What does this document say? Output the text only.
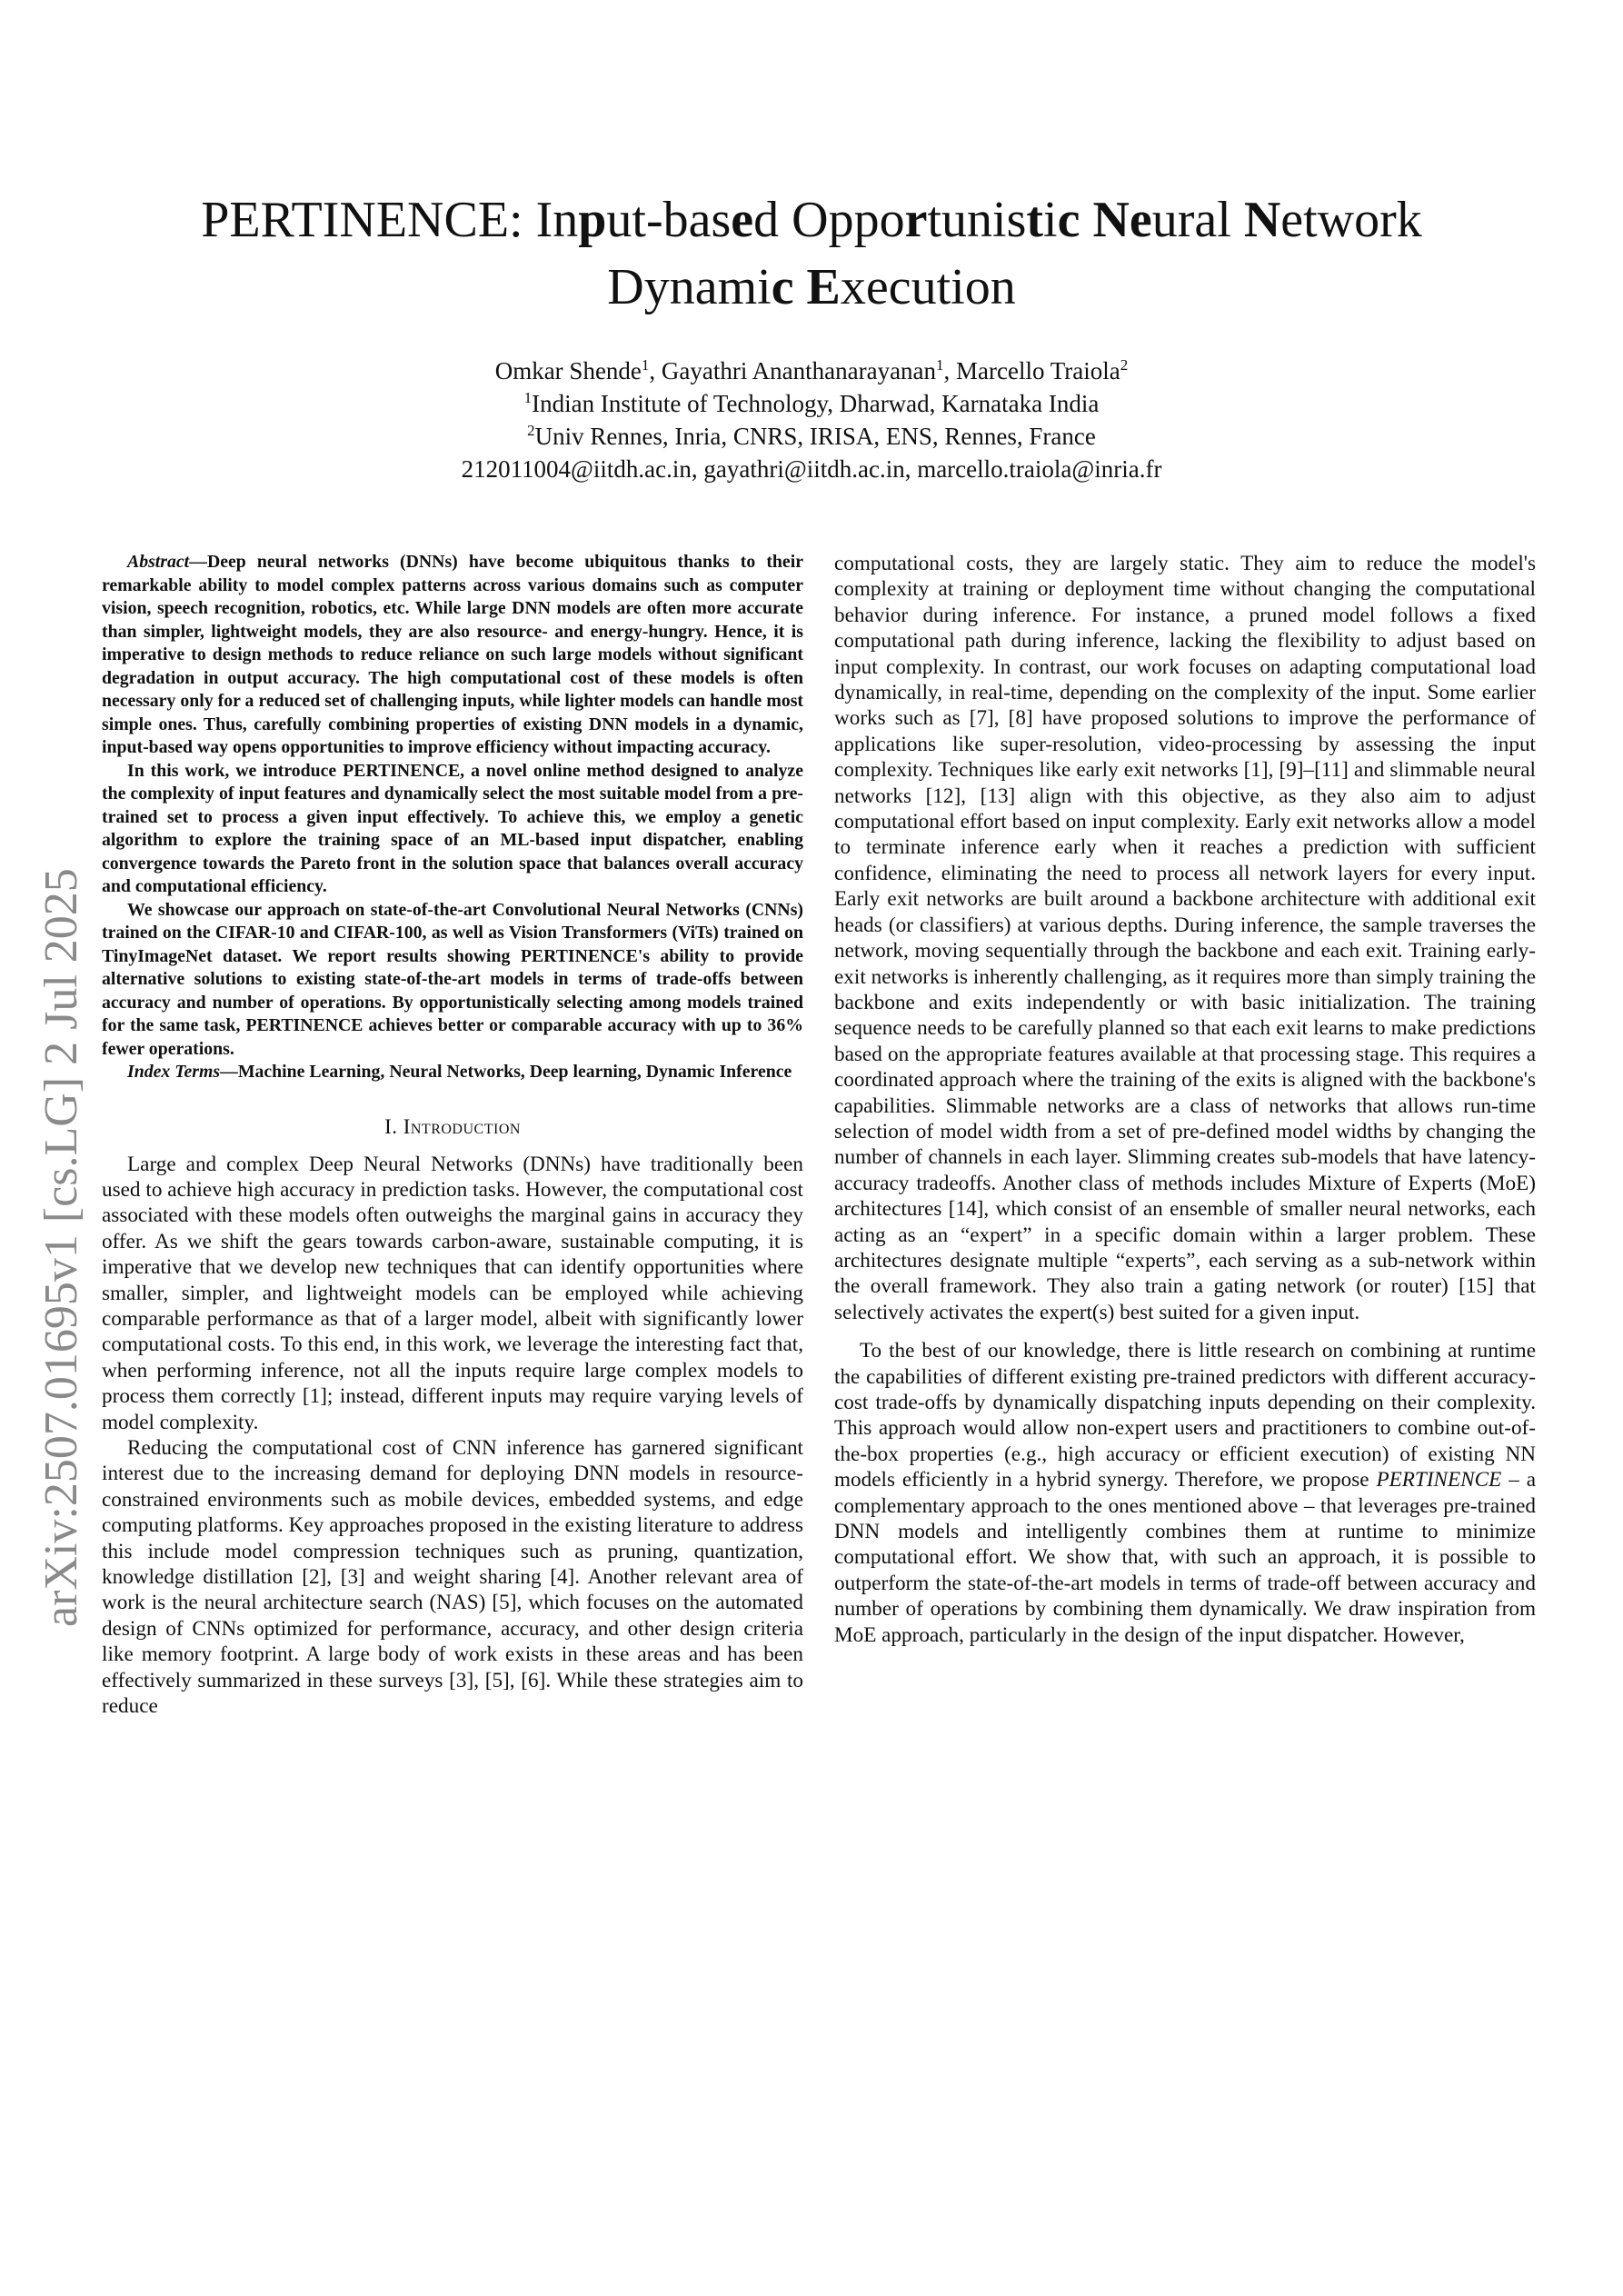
PERTINENCE: Input-based Opportunistic Neural Network
Dynamic Execution
Omkar Shende$^1$, Gayathri Ananthanarayanan$^1$, Marcello Traiola$^2$
$^1$Indian Institute of Technology, Dharwad, Karnataka India
$^2$Univ Rennes, Inria, CNRS, IRISA, ENS, Rennes, France
212011004@iitdh.ac.in, gayathri@iitdh.ac.in, marcello.traiola@inria.fr
arXiv:2507.01695v1 [cs.LG] 2 Jul 2025

Abstract—Deep neural networks (DNNs) have become ubiquitous thanks to their remarkable ability to model complex patterns across various domains such as computer vision, speech recognition, robotics, etc. While large DNN models are often more accurate than simpler, lightweight models, they are also resource- and energy-hungry. Hence, it is imperative to design methods to reduce reliance on such large models without significant degradation in output accuracy. The high computational cost of these models is often necessary only for a reduced set of challenging inputs, while lighter models can handle most simple ones. Thus, carefully combining properties of existing DNN models in a dynamic, input-based way opens opportunities to improve efficiency without impacting accuracy.

In this work, we introduce PERTINENCE, a novel online method designed to analyze the complexity of input features and dynamically select the most suitable model from a pre-trained set to process a given input effectively. To achieve this, we employ a genetic algorithm to explore the training space of an ML-based input dispatcher, enabling convergence towards the Pareto front in the solution space that balances overall accuracy and computational efficiency.

We showcase our approach on state-of-the-art Convolutional Neural Networks (CNNs) trained on the CIFAR-10 and CIFAR-100, as well as Vision Transformers (ViTs) trained on TinyImageNet dataset. We report results showing PERTINENCE's ability to provide alternative solutions to existing state-of-the-art models in terms of trade-offs between accuracy and number of operations. By opportunistically selecting among models trained for the same task, PERTINENCE achieves better or comparable accuracy with up to 36% fewer operations.

Index Terms—Machine Learning, Neural Networks, Deep learning, Dynamic Inference

I. Introduction

Large and complex Deep Neural Networks (DNNs) have traditionally been used to achieve high accuracy in prediction tasks. However, the computational cost associated with these models often outweighs the marginal gains in accuracy they offer. As we shift the gears towards carbon-aware, sustainable computing, it is imperative that we develop new techniques that can identify opportunities where smaller, simpler, and lightweight models can be employed while achieving comparable performance as that of a larger model, albeit with significantly lower computational costs. To this end, in this work, we leverage the interesting fact that, when performing inference, not all the inputs require large complex models to process them correctly [1]; instead, different inputs may require varying levels of model complexity.

Reducing the computational cost of CNN inference has garnered significant interest due to the increasing demand for deploying DNN models in resource-constrained environments such as mobile devices, embedded systems, and edge computing platforms. Key approaches proposed in the existing literature to address this include model compression techniques such as pruning, quantization, knowledge distillation [2], [3] and weight sharing [4]. Another relevant area of work is the neural architecture search (NAS) [5], which focuses on the automated design of CNNs optimized for performance, accuracy, and other design criteria like memory footprint. A large body of work exists in these areas and has been effectively summarized in these surveys [3], [5], [6]. While these strategies aim to reduce

computational costs, they are largely static. They aim to reduce the model's complexity at training or deployment time without changing the computational behavior during inference. For instance, a pruned model follows a fixed computational path during inference, lacking the flexibility to adjust based on input complexity. In contrast, our work focuses on adapting computational load dynamically, in real-time, depending on the complexity of the input. Some earlier works such as [7], [8] have proposed solutions to improve the performance of applications like super-resolution, video-processing by assessing the input complexity. Techniques like early exit networks [1], [9]–[11] and slimmable neural networks [12], [13] align with this objective, as they also aim to adjust computational effort based on input complexity. Early exit networks allow a model to terminate inference early when it reaches a prediction with sufficient confidence, eliminating the need to process all network layers for every input. Early exit networks are built around a backbone architecture with additional exit heads (or classifiers) at various depths. During inference, the sample traverses the network, moving sequentially through the backbone and each exit. Training early-exit networks is inherently challenging, as it requires more than simply training the backbone and exits independently or with basic initialization. The training sequence needs to be carefully planned so that each exit learns to make predictions based on the appropriate features available at that processing stage. This requires a coordinated approach where the training of the exits is aligned with the backbone's capabilities. Slimmable networks are a class of networks that allows run-time selection of model width from a set of pre-defined model widths by changing the number of channels in each layer. Slimming creates sub-models that have latency-accuracy tradeoffs. Another class of methods includes Mixture of Experts (MoE) architectures [14], which consist of an ensemble of smaller neural networks, each acting as an “expert” in a specific domain within a larger problem. These architectures designate multiple “experts”, each serving as a sub-network within the overall framework. They also train a gating network (or router) [15] that selectively activates the expert(s) best suited for a given input.

To the best of our knowledge, there is little research on combining at runtime the capabilities of different existing pre-trained predictors with different accuracy-cost trade-offs by dynamically dispatching inputs depending on their complexity. This approach would allow non-expert users and practitioners to combine out-of-the-box properties (e.g., high accuracy or efficient execution) of existing NN models efficiently in a hybrid synergy. Therefore, we propose PERTINENCE – a complementary approach to the ones mentioned above – that leverages pre-trained DNN models and intelligently combines them at runtime to minimize computational effort. We show that, with such an approach, it is possible to outperform the state-of-the-art models in terms of trade-off between accuracy and number of operations by combining them dynamically. We draw inspiration from MoE approach, particularly in the design of the input dispatcher. However,
